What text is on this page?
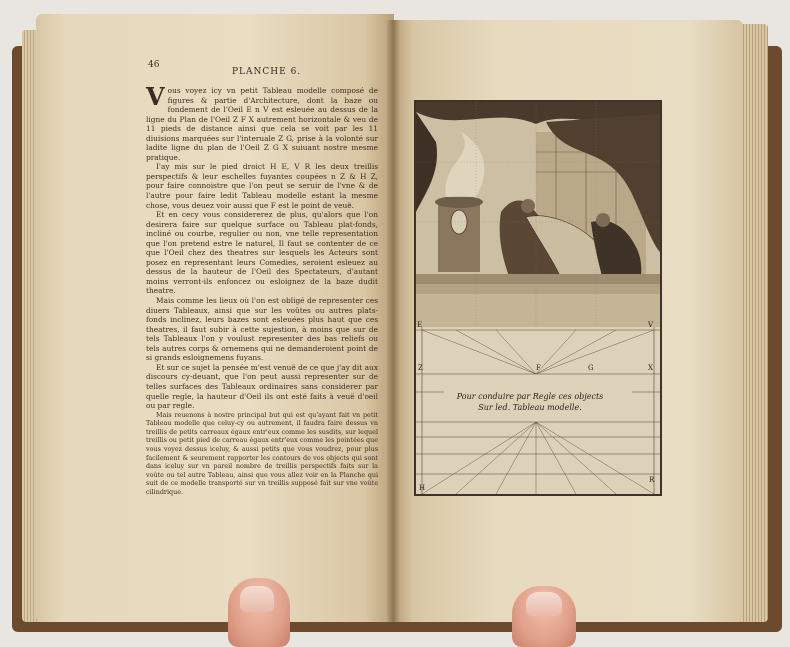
46
PLANCHE 6.

Vous voyez icy vn petit Tableau modelle composé de figures & partie d'Architecture, dont la baze ou fondement de l'Oeil E n V est esleuée au dessus de la ligne du Plan de l'Oeil Z F X autrement horizontale & veu de 11 pieds de distance ainsi que cela se voit par les 11 diuisions marquées sur l'interuale Z G, prise à la volonté sur ladite ligne du plan de l'Oeil Z G X suiuant nostre mesme pratique.

I'ay mis sur le pied droict H E, V R les deux treillis perspectifs & leur eschelles fuyantes coupées n Z & H Z, pour faire connoistre que l'on peut se seruir de l'vne & de l'autre pour faire ledit Tableau modelle estant la mesme chose, vous deuez voir aussi que F est le point de veuë.

Et en cecy vous considererez de plus, qu'alors que l'on desirera faire sur quelque surface ou Tableau plat-fonds, incliné ou courbe, regulier ou non, vne telle representation que l'on pretend estre le naturel, Il faut se contenter de ce que l'Oeil chez des theatres sur lesquels les Acteurs sont posez en representant leurs Comedies, seroient esleuez au dessus de la hauteur de l'Oeil des Spectateurs, d'autant moins verront-ils enfoncez ou esloignez de la baze dudit theatre.

Mais comme les lieux où l'on est obligé de representer ces diuers Tableaux, ainsi que sur les voûtes ou autres plats-fonds inclinez, leurs bazes sont esleuées plus haut que ces theatres, il faut subir à cette sujestion, à moins que sur de tels Tableaux l'on y voulust representer des bas reliefs ou tels autres corps & ornemens qui ne demanderoient point de si grands esloignemens fuyans.

Et sur ce sujet la pensée m'est venuë de ce que j'ay dit aux discours cy-deuant, que l'on peut aussi representer sur de telles surfaces des Tableaux ordinaires sans considerer par quelle regle, la hauteur d'Oeil ils ont esté faits à veuë d'oeil ou par regle.

Mais reuenons à nostre principal but qui est qu'ayant fait vn petit Tableau modelle que celuy-cy ou autrement, il faudra faire dessus vn treillis de petits carreaux égaux entr'eux comme les susdits, sur lequel treillis ou petit pied de carreau égaux entr'eux comme les pointées que vous voyez dessus iceluy, & aussi petits que vous voudrez, pour plus facilement & seurement rapporter les contours de vos objects qui sont dans iceluy sur vn pareil nombre de treillis perspectifs faits sur la voûte ou tel autre Tableau, ainsi que vous allez voir en la Planche qui suit de ce modelle transporté sur vn treillis supposé fait sur vne voûte cilindrique.

E	V
Z	F	G	X
H
R
Pour conduire par Regle ces objects
Sur led. Tableau modelle.
